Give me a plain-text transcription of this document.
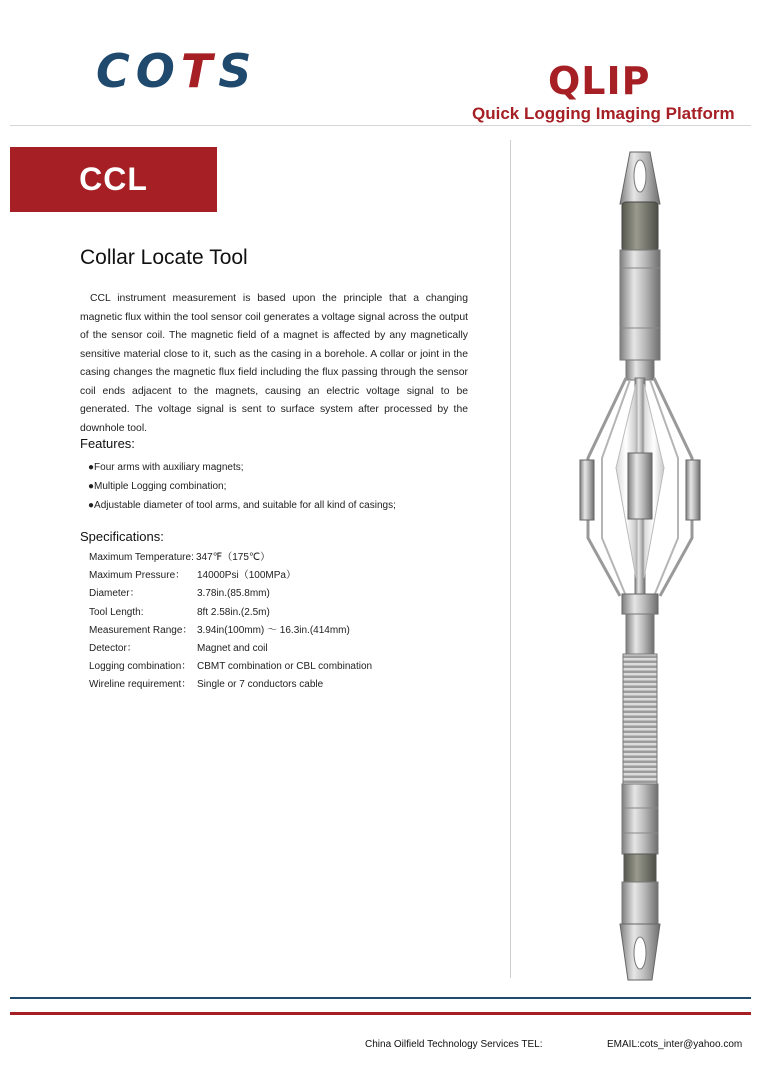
COTS	QLIP
Quick Logging Imaging Platform
CCL
Collar Locate Tool

CCL instrument measurement is based upon the principle that a changing magnetic flux within the tool sensor coil generates a voltage signal across the output of the sensor coil. The magnetic field of a magnet is affected by any magnetically sensitive material close to it, such as the casing in a borehole. A collar or joint in the casing changes the magnetic flux field including the flux passing through the sensor coil ends adjacent to the magnets, causing an electric voltage signal to be generated. The voltage signal is sent to surface system after processed by the downhole tool.

Features:
●Four arms with auxiliary magnets;
●Multiple Logging combination;
●Adjustable diameter of tool arms, and suitable for all kind of casings;
Specifications:
Maximum Temperature: 347℉（175℃）
Maximum Pressure： 14000Psi（100MPa）
Diameter：	3.78in.(85.8mm)
Tool Length:	8ft 2.58in.(2.5m)
Measurement Range： 3.94in(100mm) ～ 16.3in.(414mm)
Detector：	Magnet and coil
Logging combination： CBMT combination or CBL combination
Wireline requirement： Single or 7 conductors cable
China Oilfield Technology Services TEL:	EMAIL:cots_inter@yahoo.com
